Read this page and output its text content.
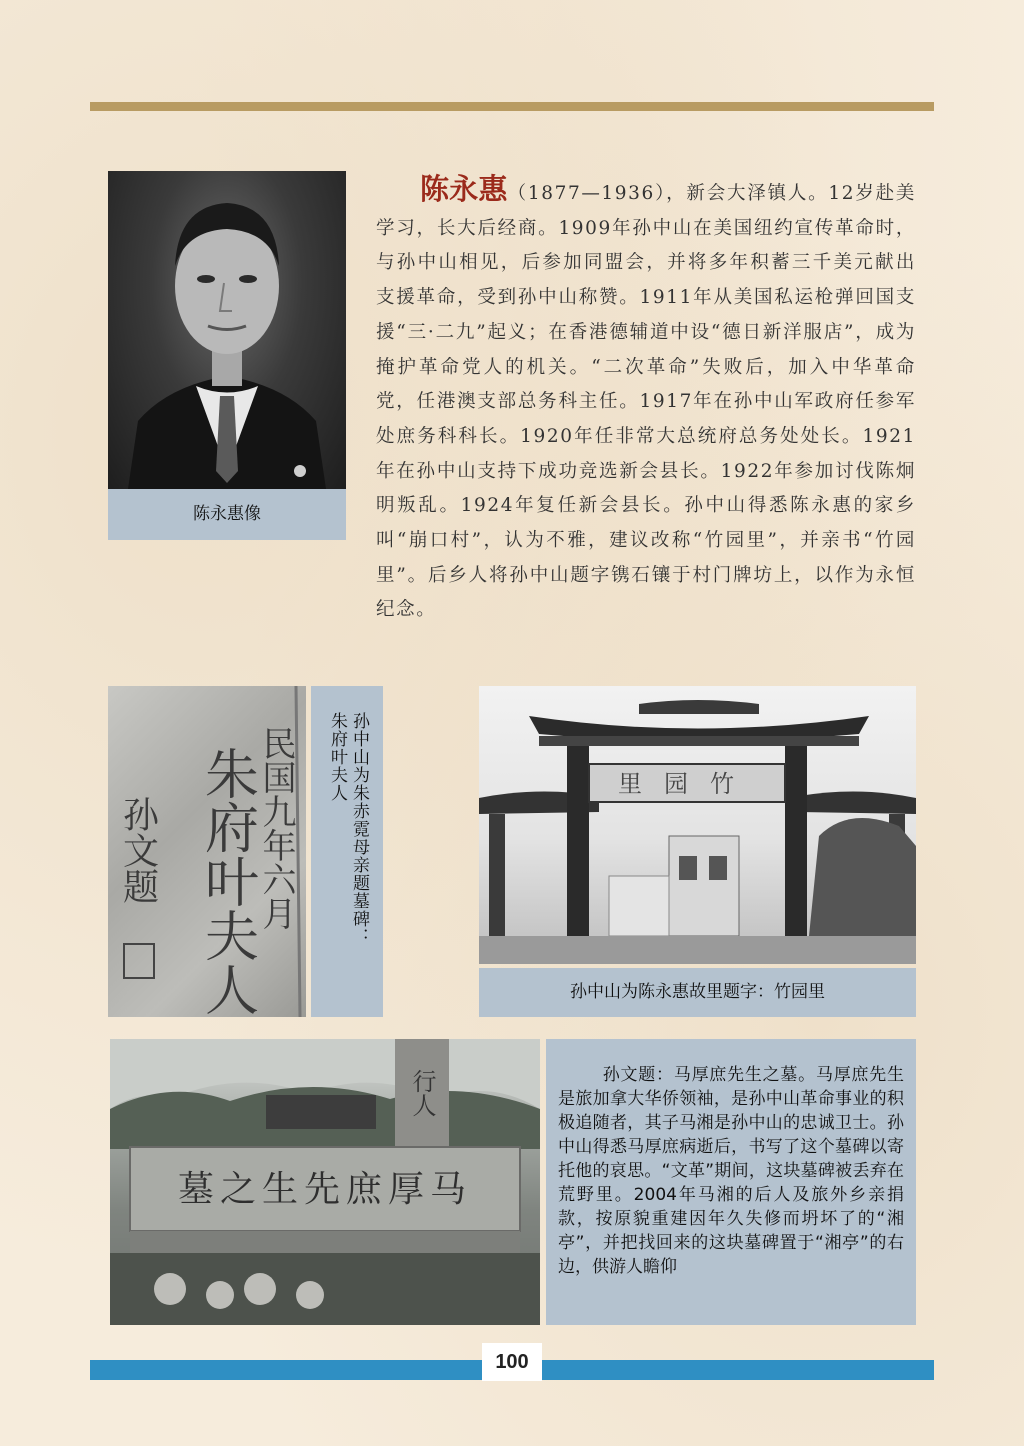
陈永惠像
陈永惠（1877—1936），新会大泽镇人。12岁赴美学习，长大后经商。1909年孙中山在美国纽约宣传革命时，与孙中山相见，后参加同盟会，并将多年积蓄三千美元献出支援革命，受到孙中山称赞。1911年从美国私运枪弹回国支援“三·二九”起义；在香港德辅道中设“德日新洋服店”，成为掩护革命党人的机关。“二次革命”失败后，加入中华革命党，任港澳支部总务科主任。1917年在孙中山军政府任参军处庶务科科长。1920年任非常大总统府总务处处长。1921年在孙中山支持下成功竞选新会县长。1922年参加讨伐陈炯明叛乱。1924年复任新会县长。孙中山得悉陈永惠的家乡叫“崩口村”，认为不雅，建议改称“竹园里”，并亲书“竹园里”。后乡人将孙中山题字镌石镶于村门牌坊上，以作为永恒纪念。
朱府叶夫人
民国九年六月
孙文题	孙中山为朱赤霓母亲题墓碑：
朱府叶夫人	里园竹
孙中山为陈永惠故里题字：竹园里
行人
墓之生先庶厚马
孙文题：马厚庶先生之墓。马厚庶先生是旅加拿大华侨领袖，是孙中山革命事业的积极追随者，其子马湘是孙中山的忠诚卫士。孙中山得悉马厚庶病逝后，书写了这个墓碑以寄托他的哀思。“文革”期间，这块墓碑被丢弃在荒野里。2004年马湘的后人及旅外乡亲捐款，按原貌重建因年久失修而坍坏了的“湘亭”，并把找回来的这块墓碑置于“湘亭”的右边，供游人瞻仰
100
